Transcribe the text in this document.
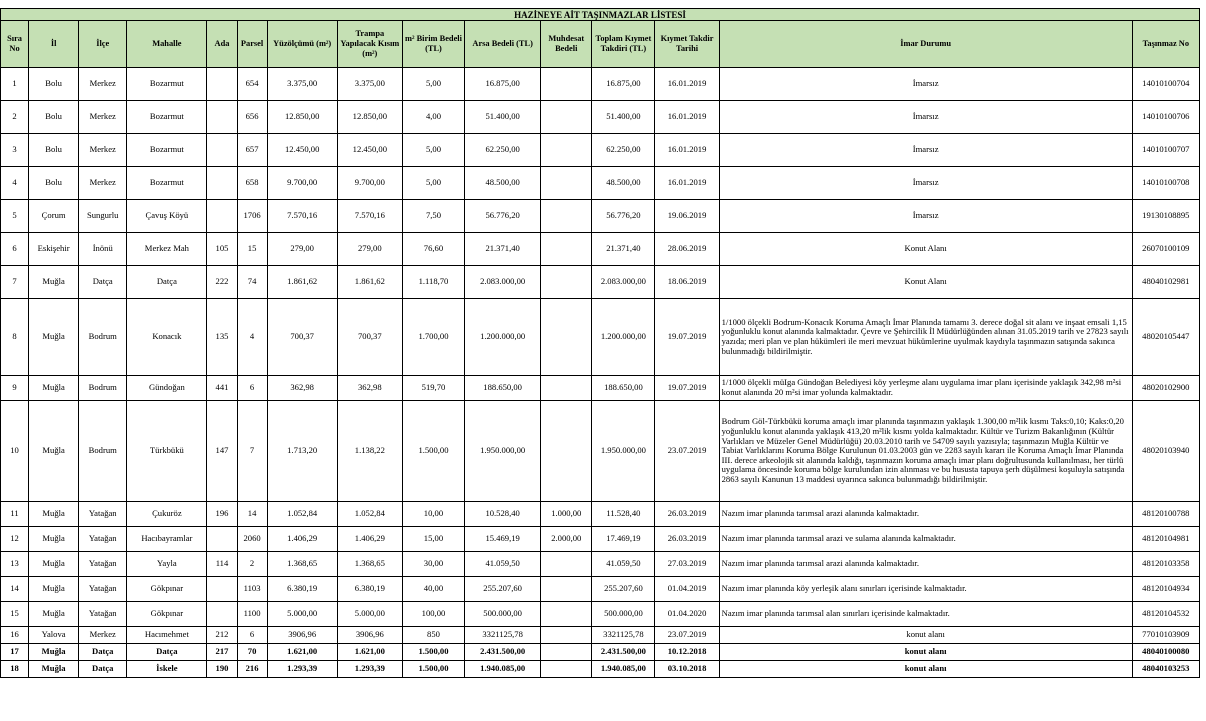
HAZİNEYE AİT TAŞINMAZLAR LİSTESİ														
Sıra No	İl	İlçe	Mahalle	Ada	Parsel	Yüzölçümü (m²)	Trampa Yapılacak Kısım (m²)	m² Birim Bedeli (TL)	Arsa Bedeli (TL)	Muhdesat Bedeli	Toplam Kıymet Takdiri (TL)	Kıymet Takdir Tarihi	İmar Durumu	Taşınmaz No
1	Bolu	Merkez	Bozarmut		654	3.375,00	3.375,00	5,00	16.875,00		16.875,00	16.01.2019	İmarsız	14010100704
2	Bolu	Merkez	Bozarmut		656	12.850,00	12.850,00	4,00	51.400,00		51.400,00	16.01.2019	İmarsız	14010100706
3	Bolu	Merkez	Bozarmut		657	12.450,00	12.450,00	5,00	62.250,00		62.250,00	16.01.2019	İmarsız	14010100707
4	Bolu	Merkez	Bozarmut		658	9.700,00	9.700,00	5,00	48.500,00		48.500,00	16.01.2019	İmarsız	14010100708
5	Çorum	Sungurlu	Çavuş Köyü		1706	7.570,16	7.570,16	7,50	56.776,20		56.776,20	19.06.2019	İmarsız	19130108895
6	Eskişehir	İnönü	Merkez Mah	105	15	279,00	279,00	76,60	21.371,40		21.371,40	28.06.2019	Konut Alanı	26070100109
7	Muğla	Datça	Datça	222	74	1.861,62	1.861,62	1.118,70	2.083.000,00		2.083.000,00	18.06.2019	Konut Alanı	48040102981
8	Muğla	Bodrum	Konacık	135	4	700,37	700,37	1.700,00	1.200.000,00		1.200.000,00	19.07.2019	1/1000 ölçekli Bodrum-Konacık Koruma Amaçlı İmar Planında tamamı 3. derece doğal sit alanı ve inşaat emsali 1,15 yoğunluklu konut alanında kalmaktadır. Çevre ve Şehircilik İl Müdürlüğünden alınan 31.05.2019 tarih ve 27823 sayılı yazıda; meri plan ve plan hükümleri ile meri mevzuat hükümlerine uyulmak kaydıyla taşınmazın satışında sakınca bulunmadığı bildirilmiştir.	48020105447
9	Muğla	Bodrum	Gündoğan	441	6	362,98	362,98	519,70	188.650,00		188.650,00	19.07.2019	1/1000 ölçekli müIga Gündoğan Belediyesi köy yerleşme alanı uygulama imar planı içerisinde yaklaşık 342,98 m²si konut alanında 20 m²si imar yolunda kalmaktadır.	48020102900
10	Muğla	Bodrum	Türkbükü	147	7	1.713,20	1.138,22	1.500,00	1.950.000,00		1.950.000,00	23.07.2019	Bodrum Göl-Türkbükü koruma amaçlı imar planında taşınmazın yaklaşık 1.300,00 m²lik kısmı Taks:0,10; Kaks:0,20 yoğunluklu konut alanında yaklaşık 413,20 m²lik kısmı yolda kalmaktadır. Kültür ve Turizm Bakanlığının (Kültür Varlıkları ve Müzeler Genel Müdürlüğü) 20.03.2010 tarih ve 54709 sayılı yazısıyla; taşınmazın Muğla Kültür ve Tabiat Varlıklarını Koruma Bölge Kurulunun 01.03.2003 gün ve 2283 sayılı kararı ile Koruma Amaçlı İmar Planında III. derece arkeolojik sit alanında kaldığı, taşınmazın koruma amaçlı imar planı doğrultusunda kullanılması, her türlü uygulama öncesinde koruma bölge kurulundan izin alınması ve bu hususta tapuya şerh düşülmesi koşuluyla satışında 2863 sayılı Kanunun 13 maddesi uyarınca sakınca bulunmadığı bildirilmiştir.	48020103940
11	Muğla	Yatağan	Çukuröz	196	14	1.052,84	1.052,84	10,00	10.528,40	1.000,00	11.528,40	26.03.2019	Nazım imar planında tarımsal arazi alanında kalmaktadır.	48120100788
12	Muğla	Yatağan	Hacıbayramlar		2060	1.406,29	1.406,29	15,00	15.469,19	2.000,00	17.469,19	26.03.2019	Nazım imar planında tarımsal arazi ve sulama alanında kalmaktadır.	48120104981
13	Muğla	Yatağan	Yayla	114	2	1.368,65	1.368,65	30,00	41.059,50		41.059,50	27.03.2019	Nazım imar planında tarımsal arazi alanında kalmaktadır.	48120103358
14	Muğla	Yatağan	Gökpınar		1103	6.380,19	6.380,19	40,00	255.207,60		255.207,60	01.04.2019	Nazım imar planında köy yerleşik alanı sınırları içerisinde kalmaktadır.	48120104934
15	Muğla	Yatağan	Gökpınar		1100	5.000,00	5.000,00	100,00	500.000,00		500.000,00	01.04.2020	Nazım imar planında tarımsal alan sınırları içerisinde kalmaktadır.	48120104532
16	Yalova	Merkez	Hacımehmet	212	6	3906,96	3906,96	850	3321125,78		3321125,78	23.07.2019	konut alanı	77010103909
17	Muğla	Datça	Datça	217	70	1.621,00	1.621,00	1.500,00	2.431.500,00		2.431.500,00	10.12.2018	konut alanı	48040100080
18	Muğla	Datça	İskele	190	216	1.293,39	1.293,39	1.500,00	1.940.085,00		1.940.085,00	03.10.2018	konut alanı	48040103253
